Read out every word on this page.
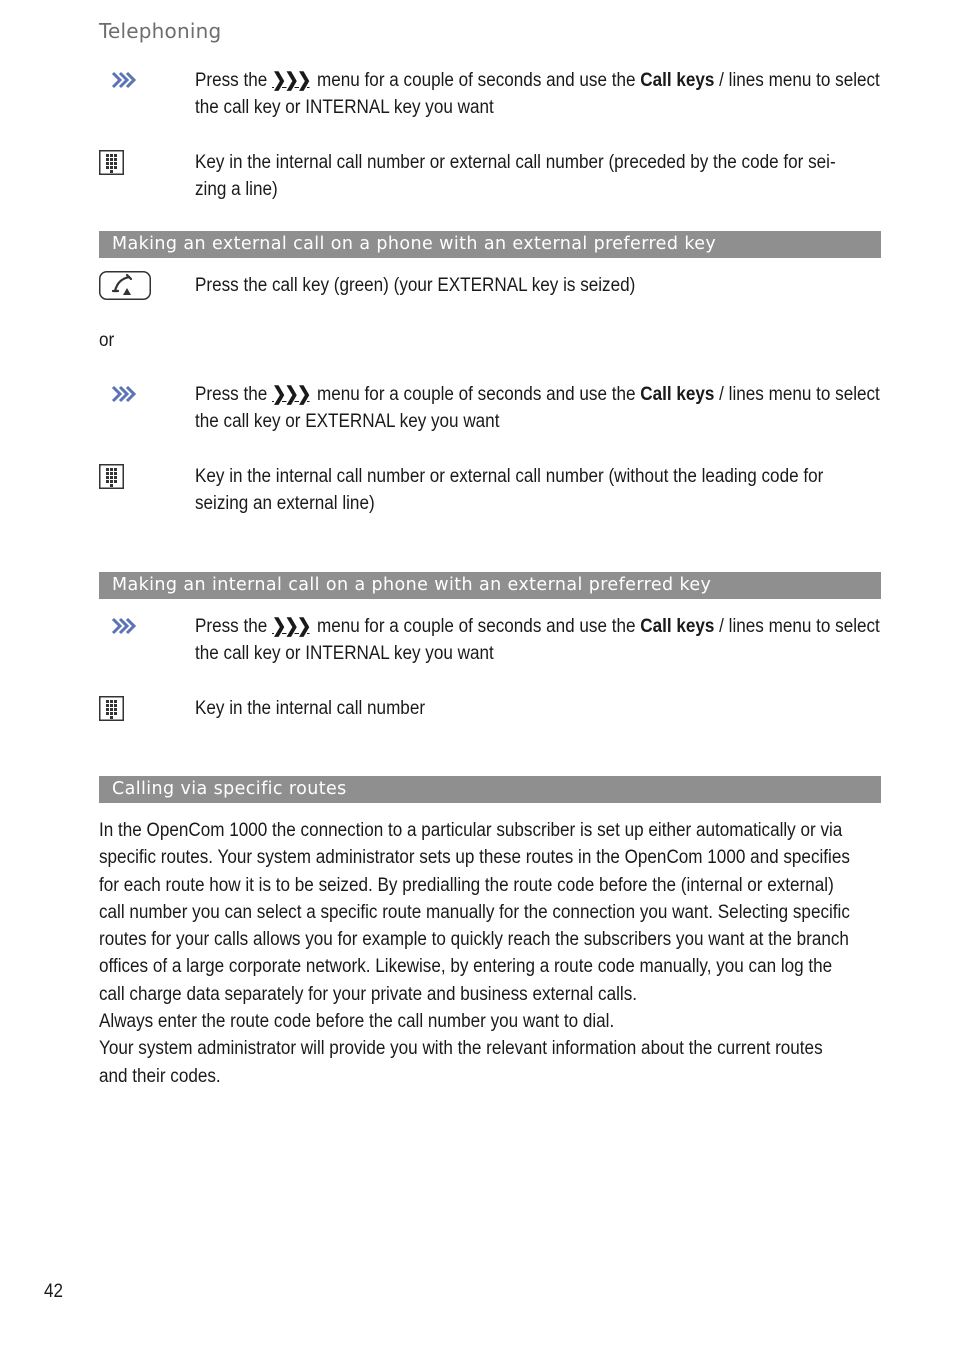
Telephoning
Press the ❯❯❯ menu for a couple of seconds and use the Call keys / lines menu to select
the call key or INTERNAL key you want
Key in the internal call number or external call number (preceded by the code for sei-
zing a line)
Making an external call on a phone with an external preferred key
Press the call key (green) (your EXTERNAL key is seized)
or
Press the ❯❯❯ menu for a couple of seconds and use the Call keys / lines menu to select
the call key or EXTERNAL key you want
Key in the internal call number or external call number (without the leading code for
seizing an external line)
Making an internal call on a phone with an external preferred key
Press the ❯❯❯ menu for a couple of seconds and use the Call keys / lines menu to select
the call key or INTERNAL key you want
Key in the internal call number
Calling via specific routes
In the OpenCom 1000 the connection to a particular subscriber is set up either automatically or via
specific routes. Your system administrator sets up these routes in the OpenCom 1000 and specifies
for each route how it is to be seized. By predialling the route code before the (internal or external)
call number you can select a specific route manually for the connection you want. Selecting specific
routes for your calls allows you for example to quickly reach the subscribers you want at the branch
offices of a large corporate network. Likewise, by entering a route code manually, you can log the
call charge data separately for your private and business external calls.
Always enter the route code before the call number you want to dial.
Your system administrator will provide you with the relevant information about the current routes
and their codes.
42
